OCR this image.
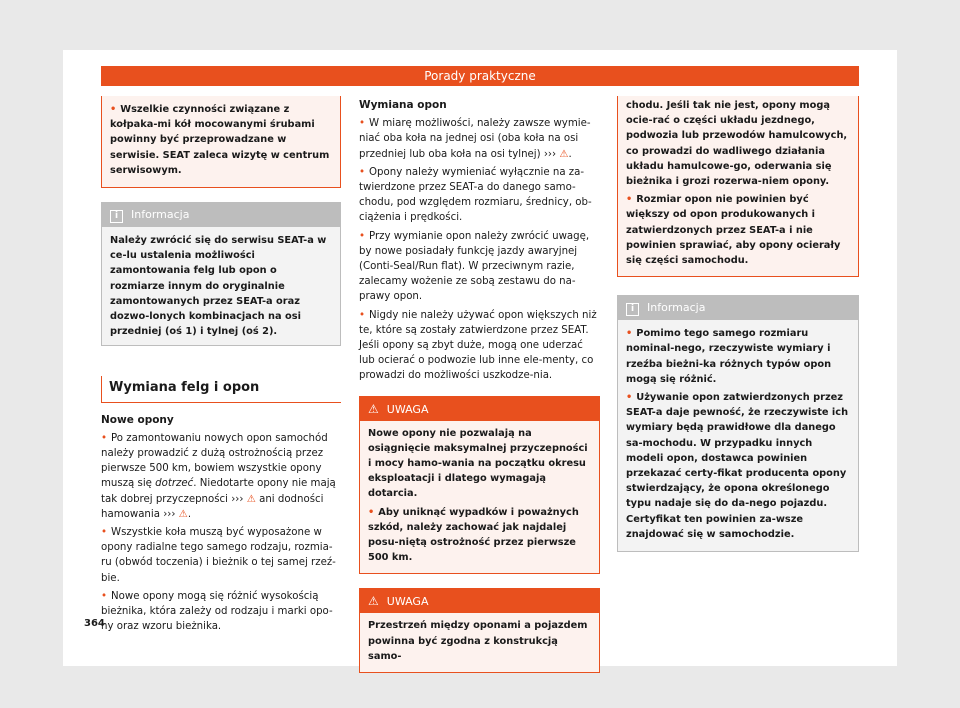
Porady praktyczne

• Wszelkie czynności związane z kołpaka-mi kół mocowanymi śrubami powinny być przeprowadzane w serwisie. SEAT zaleca wizytę w centrum serwisowym.

i Informacja
Należy zwrócić się do serwisu SEAT-a w ce-lu ustalenia możliwości zamontowania felg lub opon o rozmiarze innym do oryginalnie zamontowanych przez SEAT-a oraz dozwo-lonych kombinacjach na osi przedniej (oś 1) i tylnej (oś 2).
Wymiana felg i opon
Nowe opony

• Po zamontowaniu nowych opon samochód należy prowadzić z dużą ostrożnością przez pierwsze 500 km, bowiem wszystkie opony muszą się dotrzeć. Niedotarte opony nie mają tak dobrej przyczepności ››› ⚠ ani dodności hamowania ››› ⚠.

• Wszystkie koła muszą być wyposażone w opony radialne tego samego rodzaju, rozmia-ru (obwód toczenia) i bieżnik o tej samej rzeź-bie.

• Nowe opony mogą się różnić wysokością bieżnika, która zależy od rodzaju i marki opo-ny oraz wzoru bieżnika.

Wymiana opon

• W miarę możliwości, należy zawsze wymie-niać oba koła na jednej osi (oba koła na osi przedniej lub oba koła na osi tylnej) ››› ⚠.

• Opony należy wymieniać wyłącznie na za-twierdzone przez SEAT-a do danego samo-chodu, pod względem rozmiaru, średnicy, ob-ciążenia i prędkości.

• Przy wymianie opon należy zwrócić uwagę, by nowe posiadały funkcję jazdy awaryjnej (Conti-Seal/Run flat). W przeciwnym razie, zalecamy wożenie ze sobą zestawu do na-prawy opon.

• Nigdy nie należy używać opon większych niż te, które są zostały zatwierdzone przez SEAT. Jeśli opony są zbyt duże, mogą one uderzać lub ocierać o podwozie lub inne ele-menty, co prowadzi do możliwości uszkodze-nia.

⚠ UWAGA

Nowe opony nie pozwalają na osiągnięcie maksymalnej przyczepności i mocy hamo-wania na początku okresu eksploatacji i dlatego wymagają dotarcia.

• Aby uniknąć wypadków i poważnych szkód, należy zachować jak najdalej posu-niętą ostrożność przez pierwsze 500 km.

⚠ UWAGA

Przestrzeń między oponami a pojazdem powinna być zgodna z konstrukcją samo-

chodu. Jeśli tak nie jest, opony mogą ocie-rać o części układu jezdnego, podwozia lub przewodów hamulcowych, co prowadzi do wadliwego działania układu hamulcowe-go, oderwania się bieżnika i grozi rozerwa-niem opony.

• Rozmiar opon nie powinien być większy od opon produkowanych i zatwierdzonych przez SEAT-a i nie powinien sprawiać, aby opony ocierały się części samochodu.

i Informacja

• Pomimo tego samego rozmiaru nominal-nego, rzeczywiste wymiary i rzeźba bieżni-ka różnych typów opon mogą się różnić.

• Używanie opon zatwierdzonych przez SEAT-a daje pewność, że rzeczywiste ich wymiary będą prawidłowe dla danego sa-mochodu. W przypadku innych modeli opon, dostawca powinien przekazać certy-fikat producenta opony stwierdzający, że opona określonego typu nadaje się do da-nego pojazdu. Certyfikat ten powinien za-wsze znajdować się w samochodzie.

364
